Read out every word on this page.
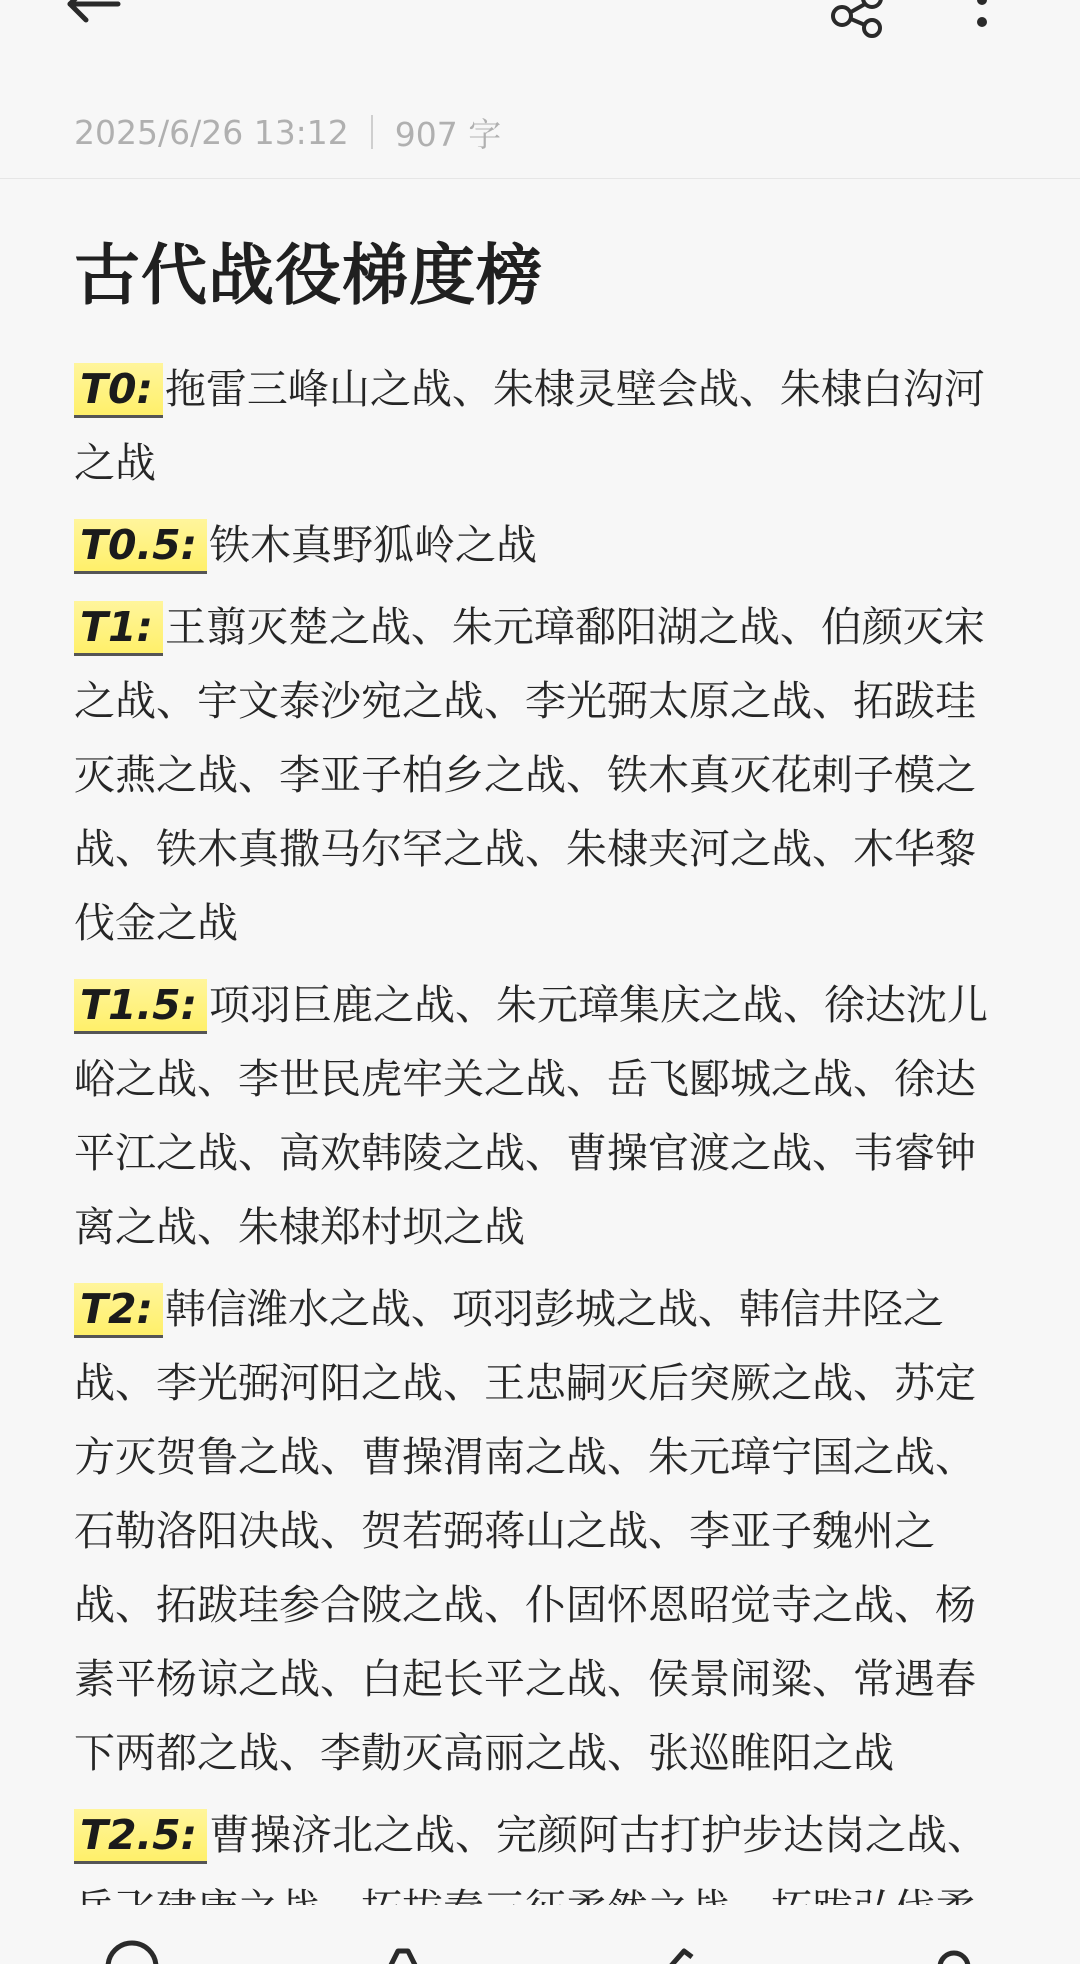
2025/6/26 13:12 907 字
古代战役梯度榜

T0: 拖雷三峰山之战、朱棣灵壁会战、朱棣白沟河之战

T0.5: 铁木真野狐岭之战

T1: 王翦灭楚之战、朱元璋鄱阳湖之战、伯颜灭宋之战、宇文泰沙宛之战、李光弼太原之战、拓跋珪灭燕之战、李亚子柏乡之战、铁木真灭花剌子模之战、铁木真撒马尔罕之战、朱棣夹河之战、木华黎伐金之战

T1.5: 项羽巨鹿之战、朱元璋集庆之战、徐达沈儿峪之战、李世民虎牢关之战、岳飞郾城之战、徐达平江之战、高欢韩陵之战、曹操官渡之战、韦睿钟离之战、朱棣郑村坝之战

T2: 韩信潍水之战、项羽彭城之战、韩信井陉之战、李光弼河阳之战、王忠嗣灭后突厥之战、苏定方灭贺鲁之战、曹操渭南之战、朱元璋宁国之战、石勒洛阳决战、贺若弼蒋山之战、李亚子魏州之战、拓跋珪参合陂之战、仆固怀恩昭觉寺之战、杨素平杨谅之战、白起长平之战、侯景闹粱、常遇春下两都之战、李勣灭高丽之战、张巡睢阳之战

T2.5: 曹操济北之战、完颜阿古打护步达岗之战、
